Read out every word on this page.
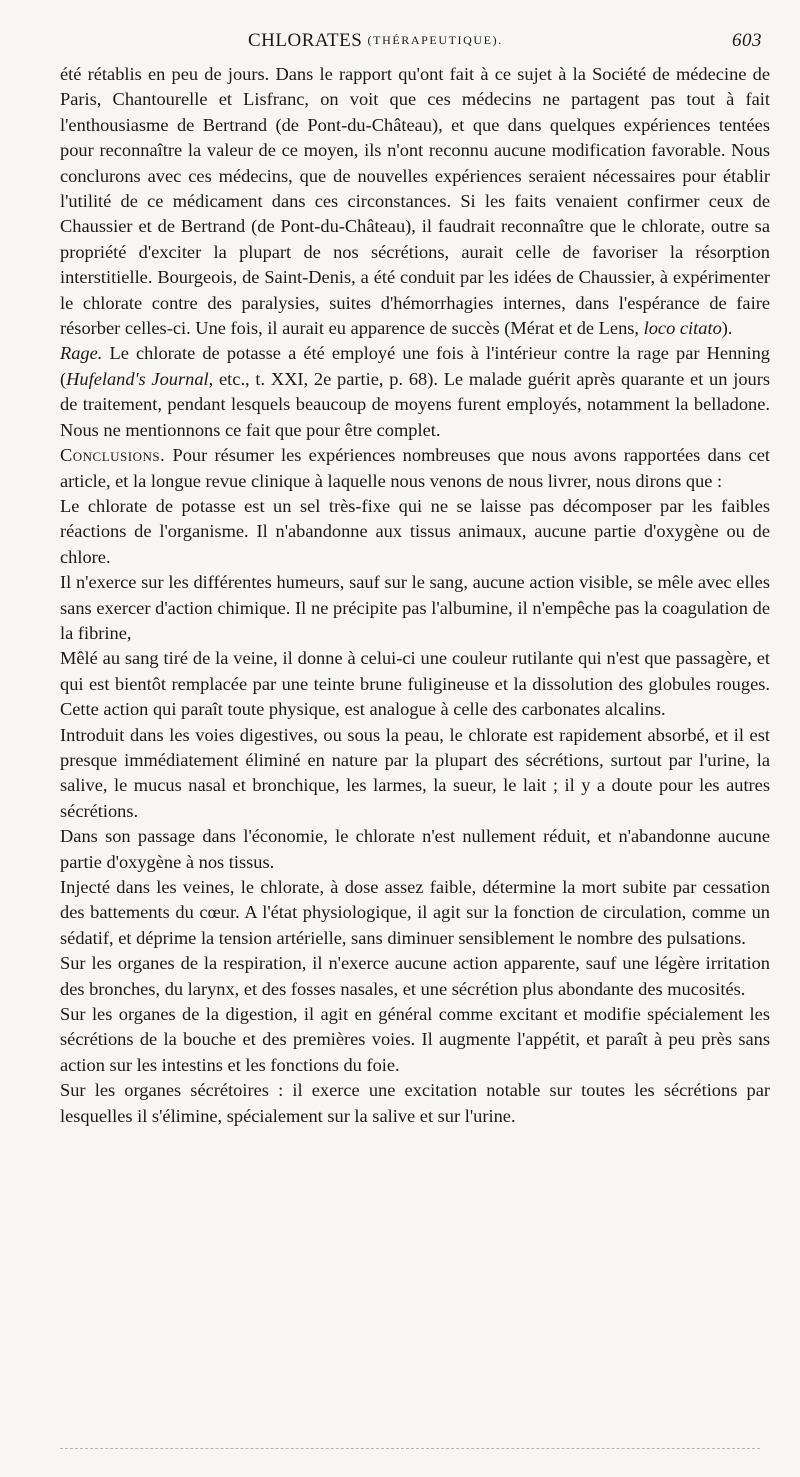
CHLORATES (THÉRAPEUTIQUE).	603

été rétablis en peu de jours. Dans le rapport qu'ont fait à ce sujet à la Société de médecine de Paris, Chantourelle et Lisfranc, on voit que ces médecins ne partagent pas tout à fait l'enthousiasme de Bertrand (de Pont-du-Château), et que dans quelques expériences tentées pour reconnaître la valeur de ce moyen, ils n'ont reconnu aucune modification favorable. Nous conclurons avec ces médecins, que de nouvelles expériences seraient nécessaires pour établir l'utilité de ce médicament dans ces circonstances. Si les faits venaient confirmer ceux de Chaussier et de Bertrand (de Pont-du-Château), il faudrait reconnaître que le chlorate, outre sa propriété d'exciter la plupart de nos sécrétions, aurait celle de favoriser la résorption interstitielle. Bourgeois, de Saint-Denis, a été conduit par les idées de Chaussier, à expérimenter le chlorate contre des paralysies, suites d'hémorrhagies internes, dans l'espérance de faire résorber celles-ci. Une fois, il aurait eu apparence de succès (Mérat et de Lens, loco citato).

Rage. Le chlorate de potasse a été employé une fois à l'intérieur contre la rage par Henning (Hufeland's Journal, etc., t. XXI, 2e partie, p. 68). Le malade guérit après quarante et un jours de traitement, pendant lesquels beaucoup de moyens furent employés, notamment la belladone. Nous ne mentionnons ce fait que pour être complet.

Conclusions. Pour résumer les expériences nombreuses que nous avons rapportées dans cet article, et la longue revue clinique à laquelle nous venons de nous livrer, nous dirons que :

Le chlorate de potasse est un sel très-fixe qui ne se laisse pas décomposer par les faibles réactions de l'organisme. Il n'abandonne aux tissus animaux, aucune partie d'oxygène ou de chlore.

Il n'exerce sur les différentes humeurs, sauf sur le sang, aucune action visible, se mêle avec elles sans exercer d'action chimique. Il ne précipite pas l'albumine, il n'empêche pas la coagulation de la fibrine,

Mêlé au sang tiré de la veine, il donne à celui-ci une couleur rutilante qui n'est que passagère, et qui est bientôt remplacée par une teinte brune fuligineuse et la dissolution des globules rouges. Cette action qui paraît toute physique, est analogue à celle des carbonates alcalins.

Introduit dans les voies digestives, ou sous la peau, le chlorate est rapidement absorbé, et il est presque immédiatement éliminé en nature par la plupart des sécrétions, surtout par l'urine, la salive, le mucus nasal et bronchique, les larmes, la sueur, le lait ; il y a doute pour les autres sécrétions.

Dans son passage dans l'économie, le chlorate n'est nullement réduit, et n'abandonne aucune partie d'oxygène à nos tissus.

Injecté dans les veines, le chlorate, à dose assez faible, détermine la mort subite par cessation des battements du cœur. A l'état physiologique, il agit sur la fonction de circulation, comme un sédatif, et déprime la tension artérielle, sans diminuer sensiblement le nombre des pulsations.

Sur les organes de la respiration, il n'exerce aucune action apparente, sauf une légère irritation des bronches, du larynx, et des fosses nasales, et une sécrétion plus abondante des mucosités.

Sur les organes de la digestion, il agit en général comme excitant et modifie spécialement les sécrétions de la bouche et des premières voies. Il augmente l'appétit, et paraît à peu près sans action sur les intestins et les fonctions du foie.

Sur les organes sécrétoires : il exerce une excitation notable sur toutes les sécrétions par lesquelles il s'élimine, spécialement sur la salive et sur l'urine.
